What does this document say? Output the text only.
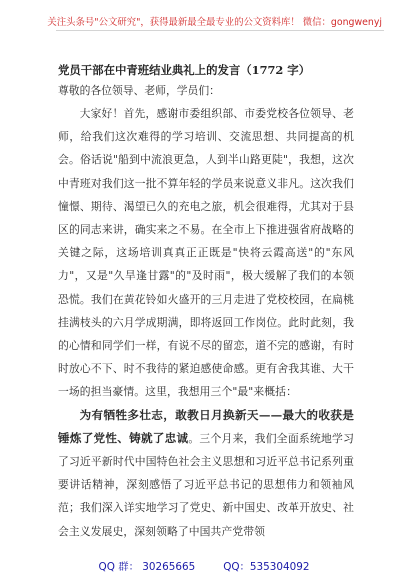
关注头条号"公文研究"，获得最新最全最专业的公文资料库！ 微信：gongwenyj
党员干部在中青班结业典礼上的发言（1772 字）
尊敬的各位领导、老师，学员们：

大家好！首先，感谢市委组织部、市委党校各位领导、老师，给我们这次难得的学习培训、交流思想、共同提高的机会。俗话说"船到中流浪更急，人到半山路更陡"，我想，这次中青班对我们这一批不算年轻的学员来说意义非凡。这次我们憧憬、期待、渴望已久的充电之旅，机会很难得，尤其对于县区的同志来讲，确实来之不易。在全市上下推进强省府战略的关键之际，这场培训真真正正既是"快将云霞高送"的"东风力"，又是"久旱逢甘露"的"及时雨"，极大缓解了我们的本领恐慌。我们在黄花铃如火盛开的三月走进了党校校园，在扁桃挂满枝头的六月学成期满，即将返回工作岗位。此时此刻，我的心情和同学们一样，有说不尽的留恋，道不完的感谢，有时时放心不下、时不我待的紧迫感使命感。更有舍我其谁、大干一场的担当豪情。这里，我想用三个"最"来概括：

为有牺牲多壮志，敢教日月换新天——最大的收获是锤炼了党性、铸就了忠诚。三个月来，我们全面系统地学习了习近平新时代中国特色社会主义思想和习近平总书记系列重要讲话精神，深刻感悟了习近平总书记的思想伟力和领袖风范；我们深入详实地学习了党史、新中国史、改革开放史、社会主义发展史，深刻领略了中国共产党带领

QQ 群： 30265665	QQ：535304092
